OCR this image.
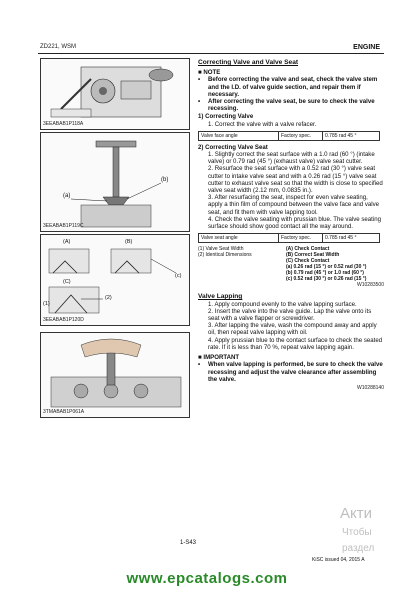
ZD221, WSM	ENGINE
3EEABAB1P118A
(a)
(b)
3EEABAB1P119C
(A)	(B)
(C)
(c)
(1)
(2)
3EEABAB1P120D
3TMABAB1P061A
Correcting Valve and Valve Seat
■ NOTE
•	Before correcting the valve and seat, check the valve stem and the I.D. of valve guide section, and repair them if necessary.
•	After correcting the valve seat, be sure to check the valve recessing.
1) Correcting Valve
1. Correct the valve with a valve refacer.
Valve face angle	Factory spec.	0.785 rad 45 °
2) Correcting Valve Seat
1. Slightly correct the seat surface with a 1.0 rad (60 °) (intake valve) or 0.79 rad (45 °) (exhaust valve) valve seat cutter.
2. Resurface the seat surface with a 0.52 rad (30 °) valve seat cutter to intake valve seat and with a 0.26 rad (15 °) valve seat cutter to exhaust valve seat so that the width is close to specified valve seat width (2.12 mm, 0.0835 in.).
3. After resurfacing the seat, inspect for even valve seating, apply a thin film of compound between the valve face and valve seat, and fit them with valve lapping tool.
4. Check the valve seating with prussian blue. The valve seating surface should show good contact all the way around.
Valve seat angle	Factory spec.	0.785 rad 45 °
(1) Valve Seat Width
(2) Identical Dimensions
(A) Check Contact
(B) Correct Seat Width
(C) Check Contact
(a) 0.26 rad (15 °) or 0.52 rad (30 °)
(b) 0.79 rad (45 °) or 1.0 rad (60 °)
(c) 0.52 rad (30 °) or 0.26 rad (15 °)
W10283500
Valve Lapping
1. Apply compound evenly to the valve lapping surface.
2. Insert the valve into the valve guide. Lap the valve onto its seat with a valve flapper or screwdriver.
3. After lapping the valve, wash the compound away and apply oil, then repeat valve lapping with oil.
4. Apply prussian blue to the contact surface to check the seated rate. If it is less than 70 %, repeat valve lapping again.
■ IMPORTANT
•	When valve lapping is performed, be sure to check the valve recessing and adjust the valve clearance after assembling the valve.
W10288140
1-S43
KiSC issued 04, 2015 A
Акти
Чтобы
раздел
www.epcatalogs.com
